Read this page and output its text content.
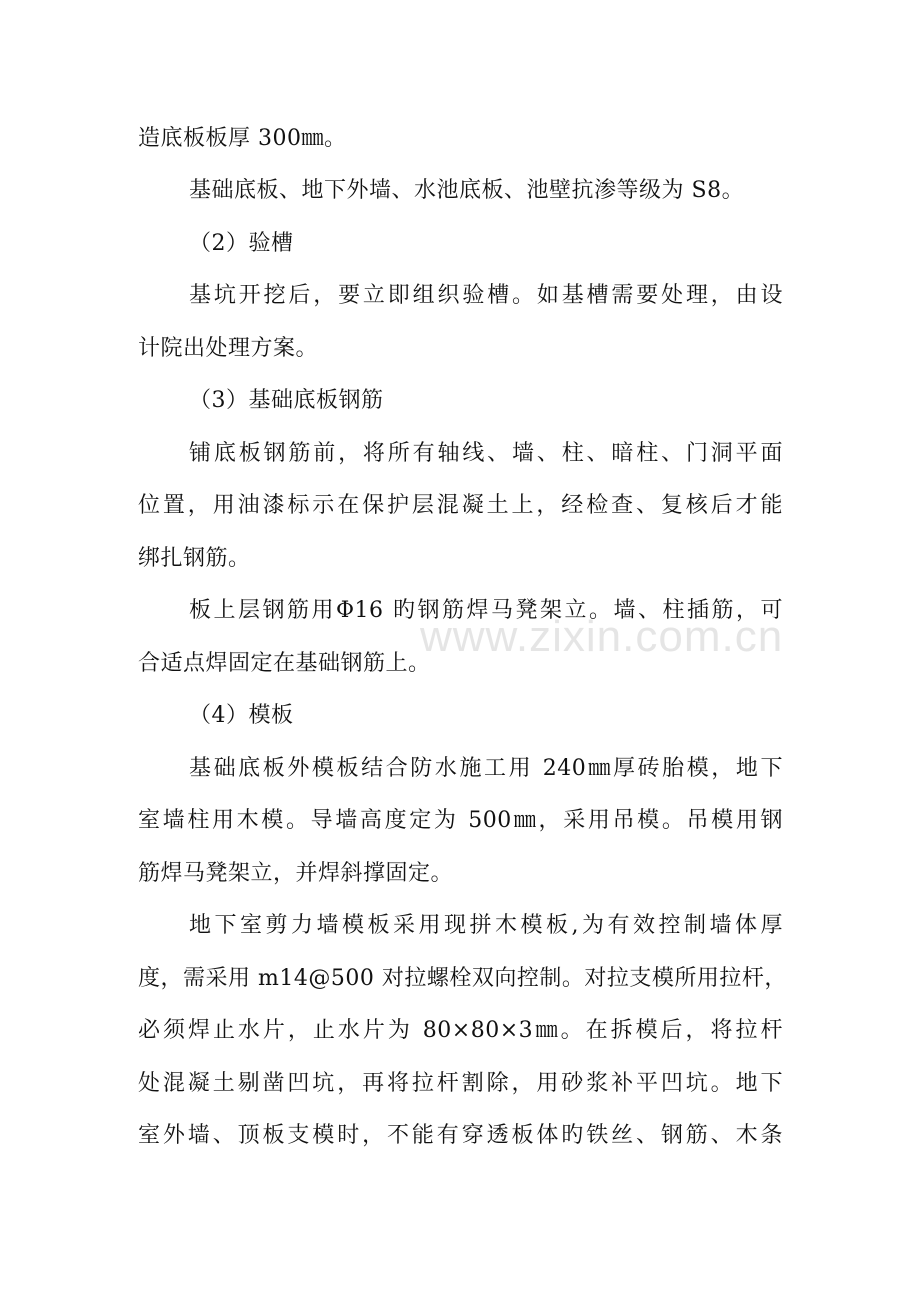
造底板板厚 300㎜。
基础底板、地下外墙、水池底板、池壁抗渗等级为 S8。
（2）验槽
基坑开挖后，要立即组织验槽。如基槽需要处理，由设
计院出处理方案。
（3）基础底板钢筋
铺底板钢筋前，将所有轴线、墙、柱、暗柱、门洞平面
位置，用油漆标示在保护层混凝土上，经检查、复核后才能
绑扎钢筋。
板上层钢筋用Φ16 旳钢筋焊马凳架立。墙、柱插筋，可
合适点焊固定在基础钢筋上。
（4）模板
基础底板外模板结合防水施工用 240㎜厚砖胎模，地下
室墙柱用木模。导墙高度定为 500㎜，采用吊模。吊模用钢
筋焊马凳架立，并焊斜撑固定。
地下室剪力墙模板采用现拼木模板,为有效控制墙体厚
度，需采用 m14@500 对拉螺栓双向控制。对拉支模所用拉杆，
必须焊止水片，止水片为 80×80×3㎜。在拆模后，将拉杆
处混凝土剔凿凹坑，再将拉杆割除，用砂浆补平凹坑。地下
室外墙、顶板支模时，不能有穿透板体旳铁丝、钢筋、木条
www.zixin.com.cn
